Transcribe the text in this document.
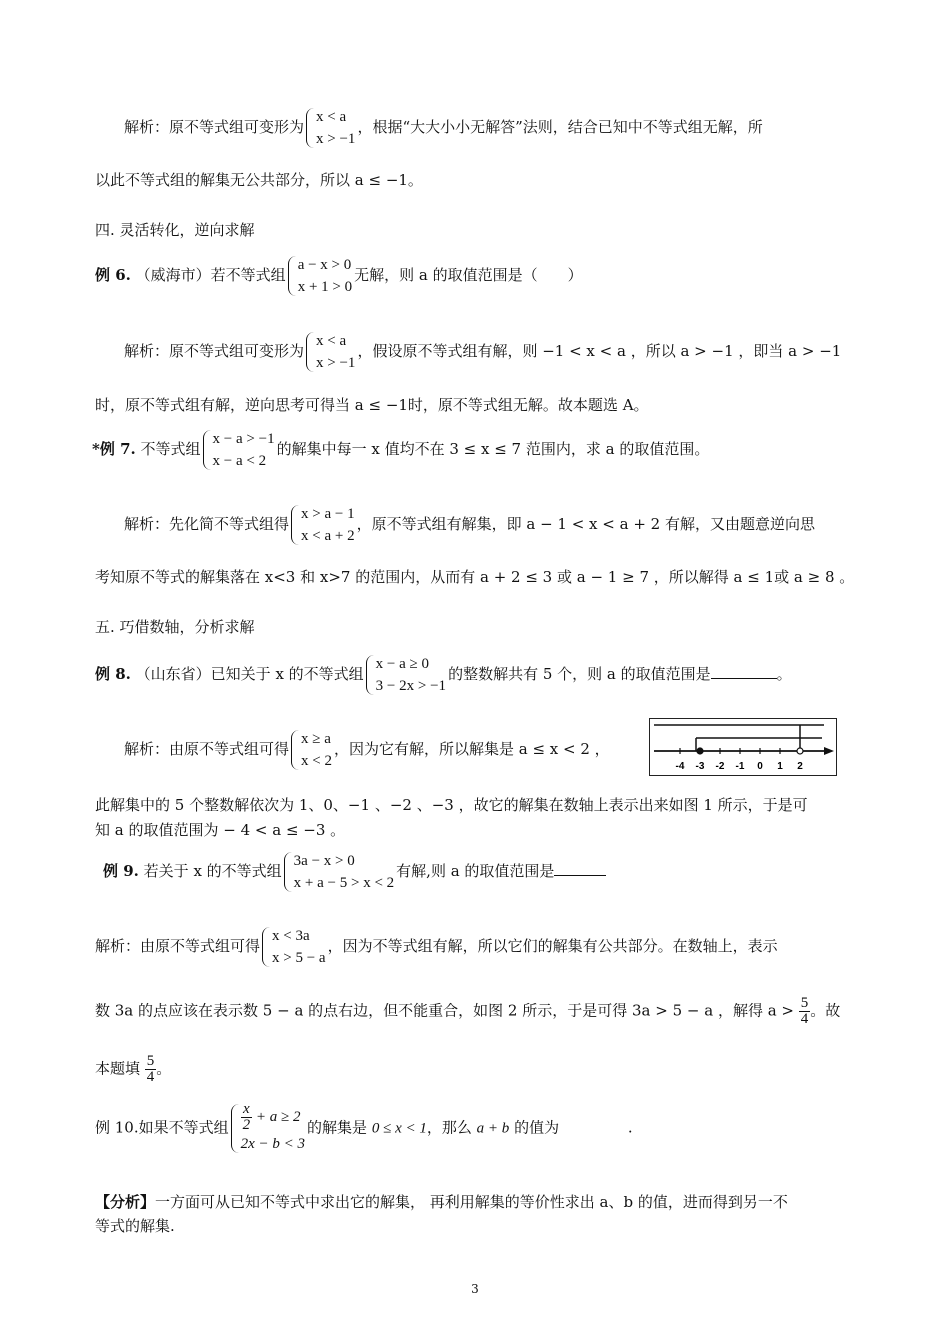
解析：原不等式组可变形为
x < a
x > −1
，根据“大大小小无解答”法则，结合已知中不等式组无解，所
以此不等式组的解集无公共部分，所以 a ≤ −1。
四. 灵活转化，逆向求解
例 6. （威海市）若不等式组
a − x > 0
x + 1 > 0
无解，则 a 的取值范围是（　　）
解析：原不等式组可变形为
x < a
x > −1
，假设原不等式组有解，则 −1 < x < a ，所以 a > −1 ，即当 a > −1
时，原不等式组有解，逆向思考可得当 a ≤ −1时，原不等式组无解。故本题选 A。
*例 7. 不等式组
x − a > −1
x − a < 2
的解集中每一 x 值均不在 3 ≤ x ≤ 7 范围内，求 a 的取值范围。
解析：先化简不等式组得
x > a − 1
x < a + 2
，原不等式组有解集，即 a − 1 < x < a + 2 有解，又由题意逆向思
考知原不等式的解集落在 x<3 和 x>7 的范围内，从而有 a + 2 ≤ 3 或 a − 1 ≥ 7 ，所以解得 a ≤ 1或 a ≥ 8 。
五. 巧借数轴，分析求解
例 8. （山东省）已知关于 x 的不等式组
x − a ≥ 0
3 − 2x > −1
的整数解共有 5 个，则 a 的取值范围是	。
解析：由原不等式组可得
x ≥ a
x < 2
，因为它有解，所以解集是 a ≤ x < 2 ，
-4 -3 -2 -1 0 1 2
此解集中的 5 个整数解依次为 1、0、−1 、−2 、−3 ，故它的解集在数轴上表示出来如图 1 所示，于是可
知 a 的取值范围为 − 4 < a ≤ −3 。
例 9. 若关于 x 的不等式组
3a − x > 0
x + a − 5 > x < 2
有解,则 a 的取值范围是
解析：由原不等式组可得
x < 3a
x > 5 − a
，因为不等式组有解，所以它们的解集有公共部分。在数轴上，表示
数 3a 的点应该在表示数 5 − a 的点右边，但不能重合，如图 2 所示，于是可得 3a > 5 − a ，解得 $a > \frac{5}{4}$ 。故
本题填 $\frac{5}{4}$ 。
例 10.如果不等式组 $\frac{x}{2} + a \ge 2$
2x − b < 3
的解集是 0 ≤ x < 1，那么 a + b 的值为	.
【分析】一方面可从已知不等式中求出它的解集， 再利用解集的等价性求出 a、b 的值，进而得到另一不
等式的解集.
3
